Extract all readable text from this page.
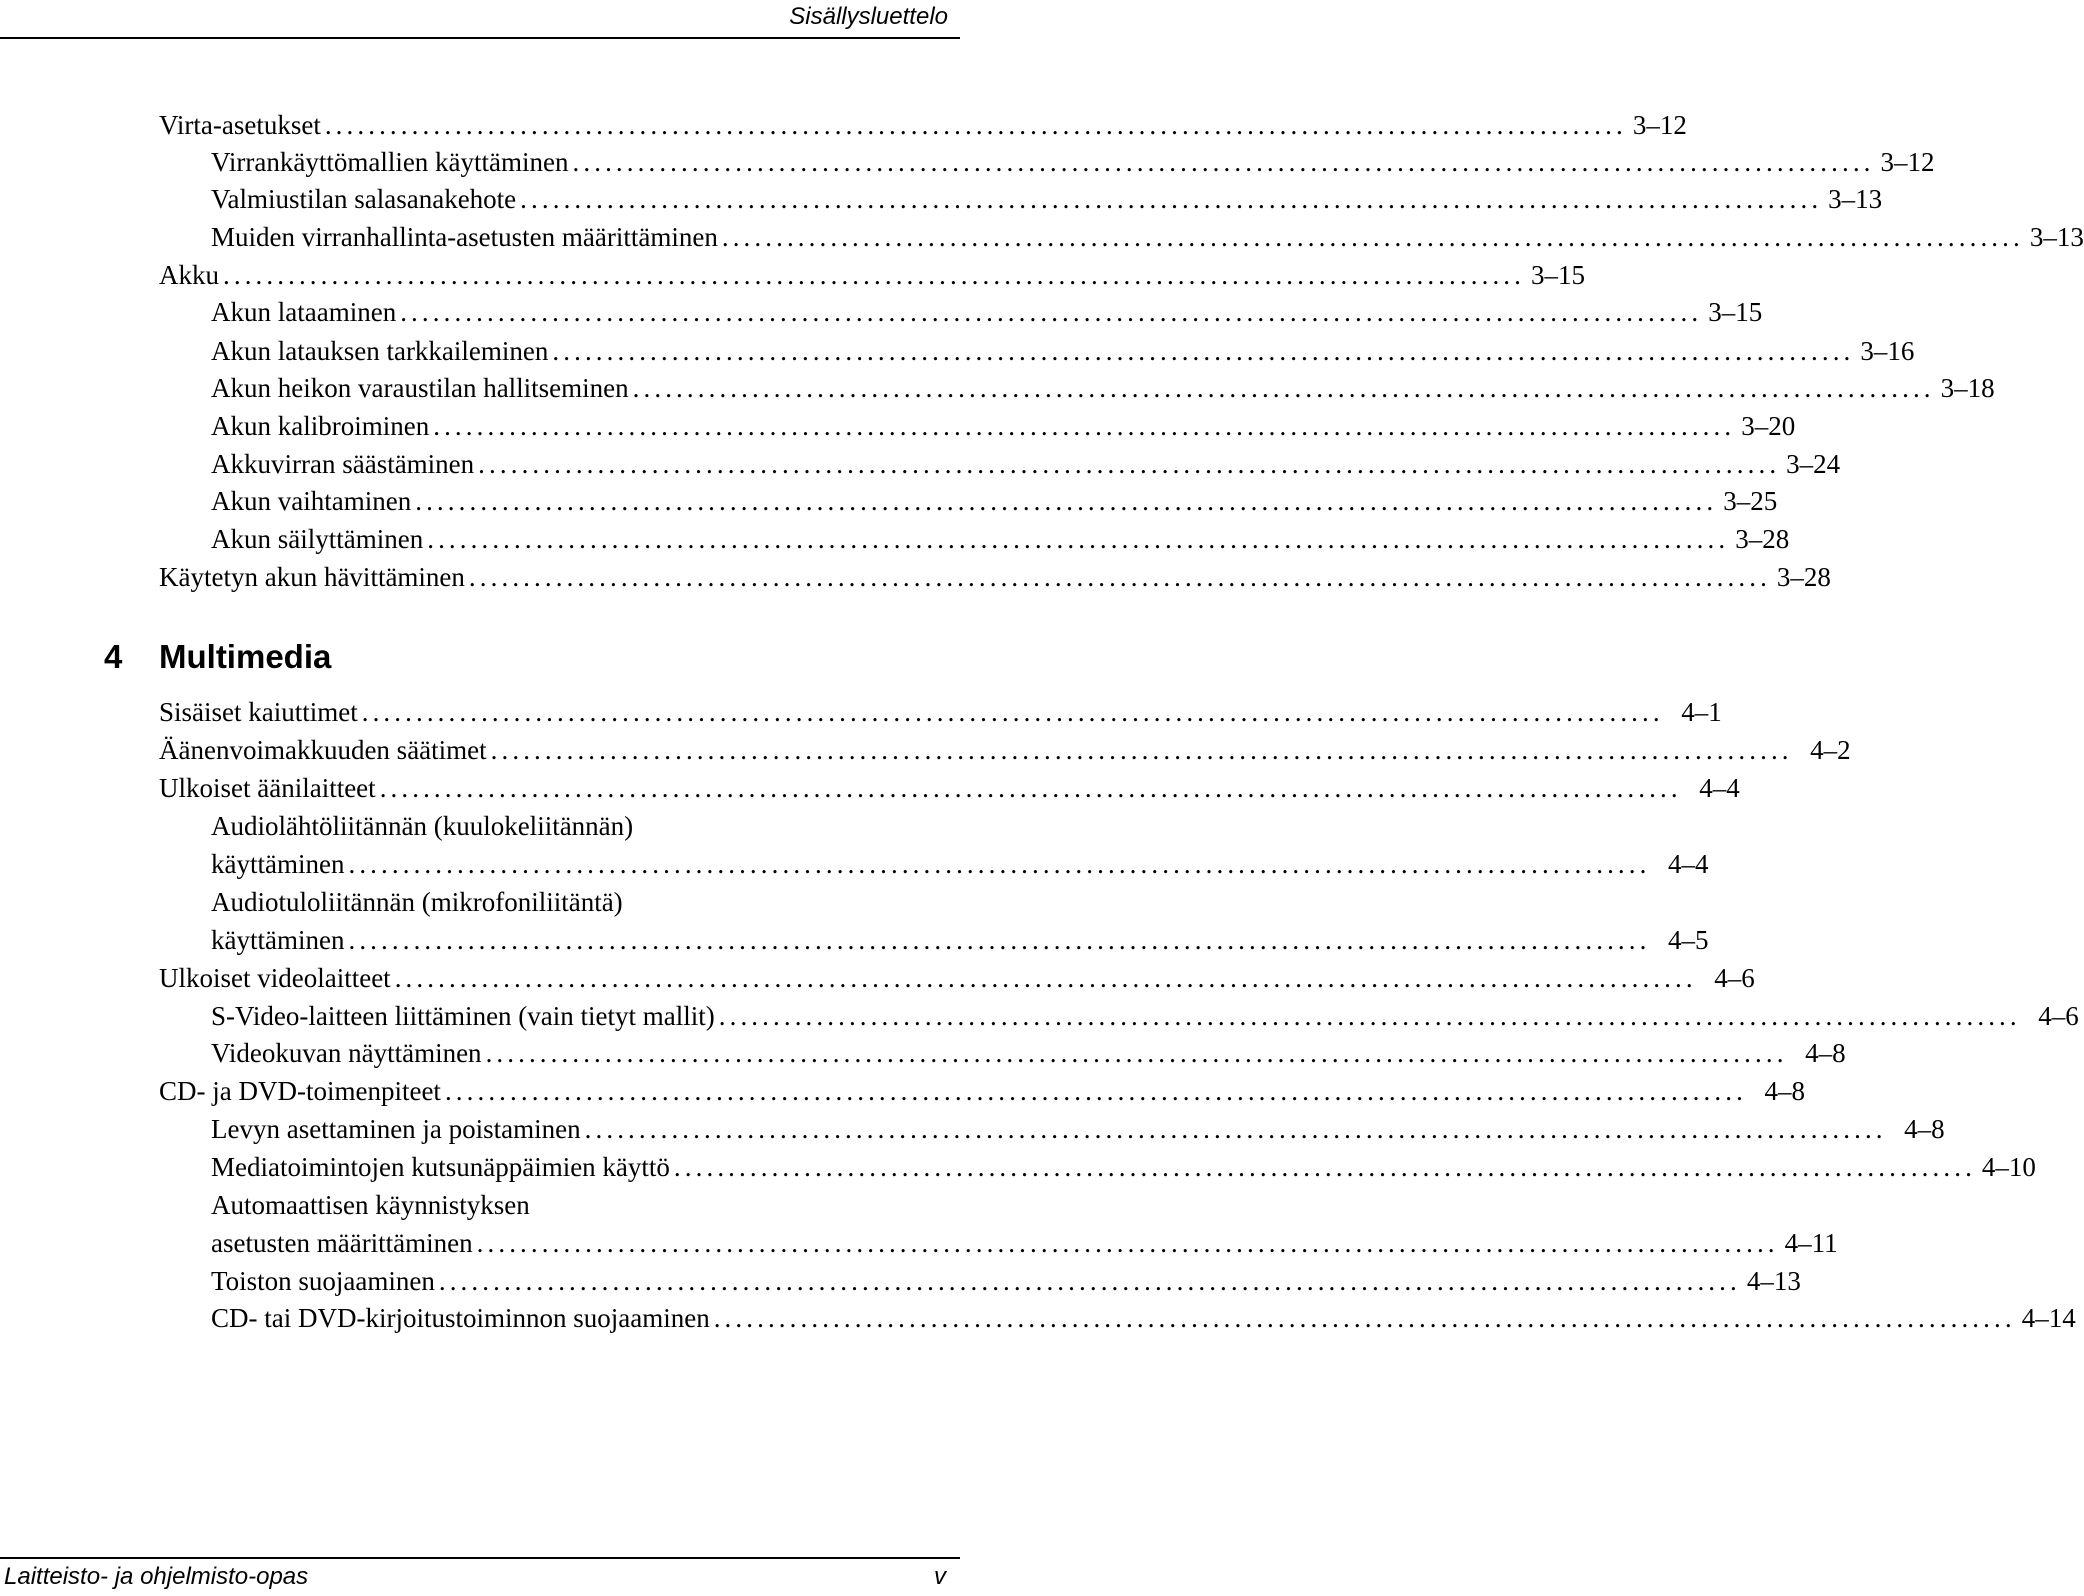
Sisällysluettelo
Virta-asetukset ........................................................................................................................ 3–12
Virrankäyttömallien käyttäminen ........................................................................................................................ 3–12
Valmiustilan salasanakehote ........................................................................................................................ 3–13
Muiden virranhallinta-asetusten määrittäminen ........................................................................................................................ 3–13
Akku ........................................................................................................................ 3–15
Akun lataaminen ........................................................................................................................ 3–15
Akun latauksen tarkkaileminen ........................................................................................................................ 3–16
Akun heikon varaustilan hallitseminen ........................................................................................................................ 3–18
Akun kalibroiminen ........................................................................................................................ 3–20
Akkuvirran säästäminen ........................................................................................................................ 3–24
Akun vaihtaminen ........................................................................................................................ 3–25
Akun säilyttäminen ........................................................................................................................ 3–28
Käytetyn akun hävittäminen ........................................................................................................................ 3–28
4 Multimedia
Sisäiset kaiuttimet ........................................................................................................................ 4–1
Äänenvoimakkuuden säätimet ........................................................................................................................ 4–2
Ulkoiset äänilaitteet ........................................................................................................................ 4–4
Audiolähtöliitännän (kuulokeliitännän)
käyttäminen ........................................................................................................................ 4–4
Audiotuloliitännän (mikrofoniliitäntä)
käyttäminen ........................................................................................................................ 4–5
Ulkoiset videolaitteet ........................................................................................................................ 4–6
S-Video-laitteen liittäminen (vain tietyt mallit) ........................................................................................................................ 4–6
Videokuvan näyttäminen ........................................................................................................................ 4–8
CD- ja DVD-toimenpiteet ........................................................................................................................ 4–8
Levyn asettaminen ja poistaminen ........................................................................................................................ 4–8
Mediatoimintojen kutsunäppäimien käyttö ........................................................................................................................ 4–10
Automaattisen käynnistyksen
asetusten määrittäminen ........................................................................................................................ 4–11
Toiston suojaaminen ........................................................................................................................ 4–13
CD- tai DVD-kirjoitustoiminnon suojaaminen ........................................................................................................................ 4–14
Laitteisto- ja ohjelmisto-opas	v
